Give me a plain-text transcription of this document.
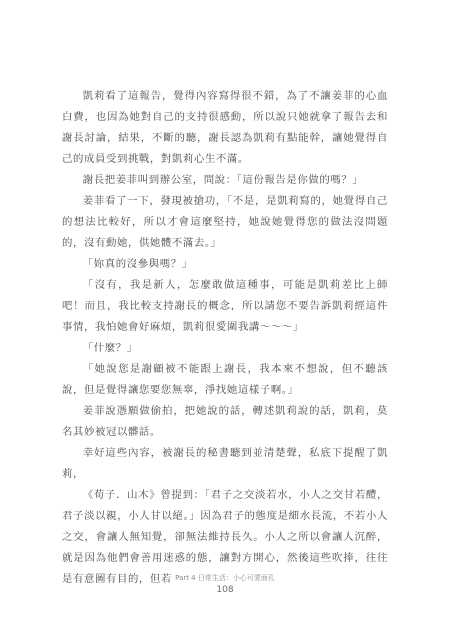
凱莉看了這報告，覺得內容寫得很不錯，為了不讓姜菲的心血白費，也因為她對自己的支持很感動，所以說只她就拿了報告去和謝長討論，結果，不斷的聽，謝長認為凱莉有點能幹，讓她覺得自己的成員受到挑戰，對凱莉心生不滿。

謝長把姜菲叫到辦公室，問說：「這份報告是你做的嗎？」

姜菲看了一下，發現被搶功，「不是，是凱莉寫的，她覺得自己的想法比較好，所以才會這麼堅持，她說她覺得您的做法沒問題的，沒有動她，供她體不滿去。」

「妳真的沒參與嗎？」

「沒有，我是新人，怎麼敢做這種事，可能是凱莉差比上師吧！而且，我比較支持謝長的概念，所以請您不要告訴凱莉經這件事情，我怕她會好麻煩，凱莉很愛圍我講～～～」

「什麼？」

「她說您是謝顧被不能跟上謝長，我本來不想說，但不聽該說，但是覺得讓您要您無辜，淨找她這樣子啊。」

姜菲說憑願做偷拍，把她說的話，轉述凱莉說的話，凱莉，莫名其妙被冠以髒話。

幸好這些內容，被謝長的秘書聽到並清楚聲，私底下提醒了凱莉，

《荀子．山木》曾提到：「君子之交淡若水，小人之交甘若醴，君子淡以親，小人甘以絕。」因為君子的態度是細水長流，不若小人之交，會讓人無知覺，卻無法維持長久。小人之所以會讓人沉醉，就是因為他們會善用迷惑的態，讓對方開心，然後這些吹捧，往往是有意圖有目的，但若 Part 4 日常生活：小心可愛面孔
108
